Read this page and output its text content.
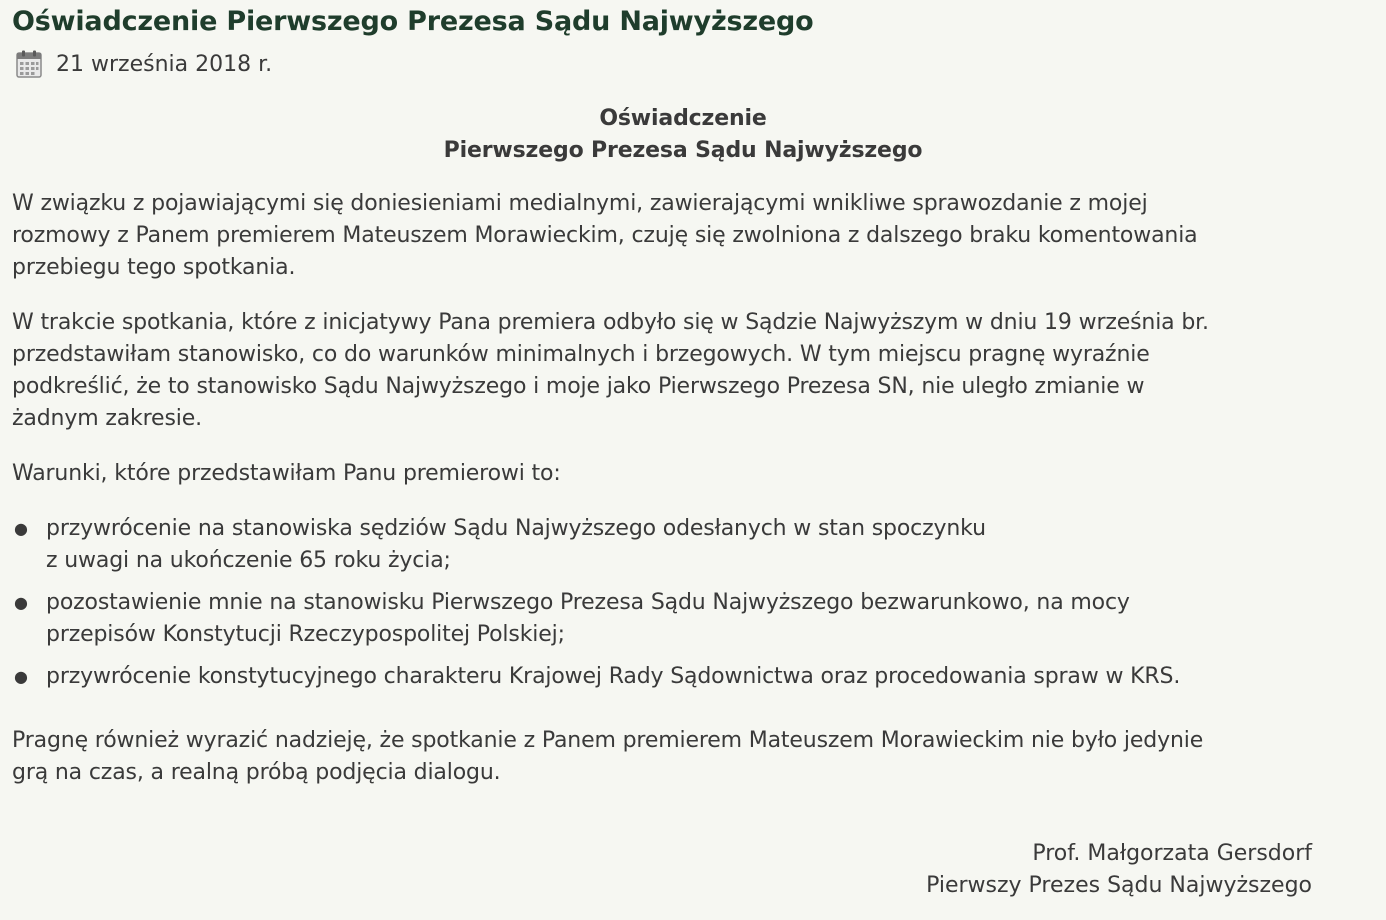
Oświadczenie Pierwszego Prezesa Sądu Najwyższego
21 września 2018 r.
Oświadczenie
Pierwszego Prezesa Sądu Najwyższego
W związku z pojawiającymi się doniesieniami medialnymi, zawierającymi wnikliwe sprawozdanie z mojej
rozmowy z Panem premierem Mateuszem Morawieckim, czuję się zwolniona z dalszego braku komentowania
przebiegu tego spotkania.
W trakcie spotkania, które z inicjatywy Pana premiera odbyło się w Sądzie Najwyższym w dniu 19 września br.
przedstawiłam stanowisko, co do warunków minimalnych i brzegowych. W tym miejscu pragnę wyraźnie
podkreślić, że to stanowisko Sądu Najwyższego i moje jako Pierwszego Prezesa SN, nie uległo zmianie w
żadnym zakresie.
Warunki, które przedstawiłam Panu premierowi to:
● przywrócenie na stanowiska sędziów Sądu Najwyższego odesłanych w stan spoczynku
z uwagi na ukończenie 65 roku życia;
● pozostawienie mnie na stanowisku Pierwszego Prezesa Sądu Najwyższego bezwarunkowo, na mocy
przepisów Konstytucji Rzeczypospolitej Polskiej;
● przywrócenie konstytucyjnego charakteru Krajowej Rady Sądownictwa oraz procedowania spraw w KRS.
Pragnę również wyrazić nadzieję, że spotkanie z Panem premierem Mateuszem Morawieckim nie było jedynie
grą na czas, a realną próbą podjęcia dialogu.
Prof. Małgorzata Gersdorf
Pierwszy Prezes Sądu Najwyższego
